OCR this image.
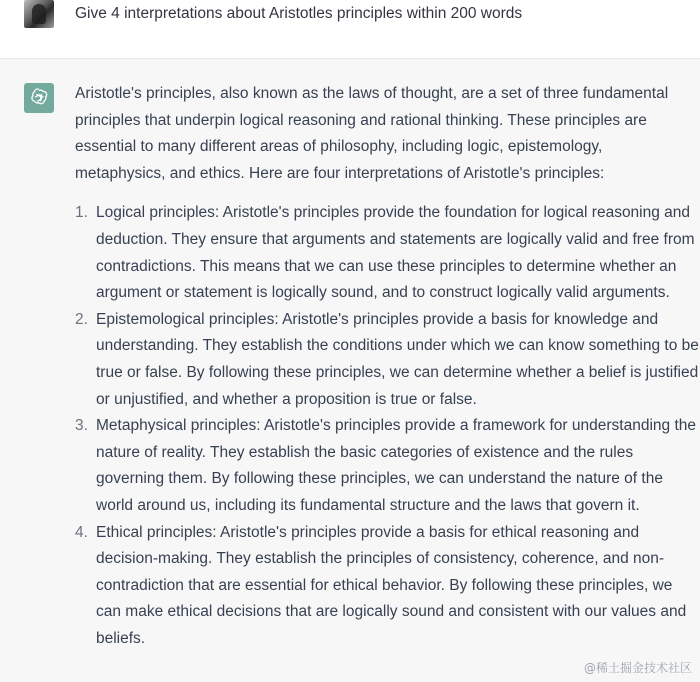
Give 4 interpretations about Aristotles principles within 200 words

Aristotle's principles, also known as the laws of thought, are a set of three fundamental principles that underpin logical reasoning and rational thinking. These principles are essential to many different areas of philosophy, including logic, epistemology, metaphysics, and ethics. Here are four interpretations of Aristotle's principles:

1. Logical principles: Aristotle's principles provide the foundation for logical reasoning and deduction. They ensure that arguments and statements are logically valid and free from contradictions. This means that we can use these principles to determine whether an argument or statement is logically sound, and to construct logically valid arguments.
2. Epistemological principles: Aristotle's principles provide a basis for knowledge and understanding. They establish the conditions under which we can know something to be true or false. By following these principles, we can determine whether a belief is justified or unjustified, and whether a proposition is true or false.
3. Metaphysical principles: Aristotle's principles provide a framework for understanding the nature of reality. They establish the basic categories of existence and the rules governing them. By following these principles, we can understand the nature of the world around us, including its fundamental structure and the laws that govern it.
4. Ethical principles: Aristotle's principles provide a basis for ethical reasoning and decision-making. They establish the principles of consistency, coherence, and non-contradiction that are essential for ethical behavior. By following these principles, we can make ethical decisions that are logically sound and consistent with our values and beliefs.
@稀土掘金技术社区
